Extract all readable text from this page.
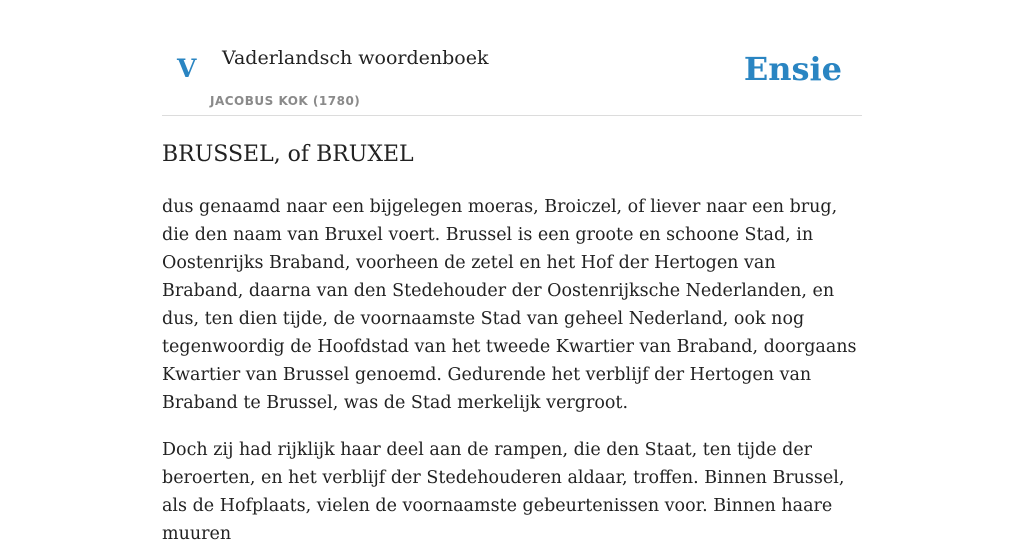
V Vaderlandsch woordenboek
JACOBUS KOK (1780)
Ensie
BRUSSEL, of BRUXEL

dus genaamd naar een bijgelegen moeras, Broiczel, of liever naar een brug, die den naam van Bruxel voert. Brussel is een groote en schoone Stad, in Oostenrijks Braband, voorheen de zetel en het Hof der Hertogen van Braband, daarna van den Stedehouder der Oostenrijksche Nederlanden, en dus, ten dien tijde, de voornaamste Stad van geheel Nederland, ook nog tegenwoordig de Hoofdstad van het tweede Kwartier van Braband, doorgaans Kwartier van Brussel genoemd. Gedurende het verblijf der Hertogen van Braband te Brussel, was de Stad merkelijk vergroot.

Doch zij had rijklijk haar deel aan de rampen, die den Staat, ten tijde der beroerten, en het verblijf der Stedehouderen aldaar, troffen. Binnen Brussel, als de Hofplaats, vielen de voornaamste gebeurtenissen voor. Binnen haare muuren
